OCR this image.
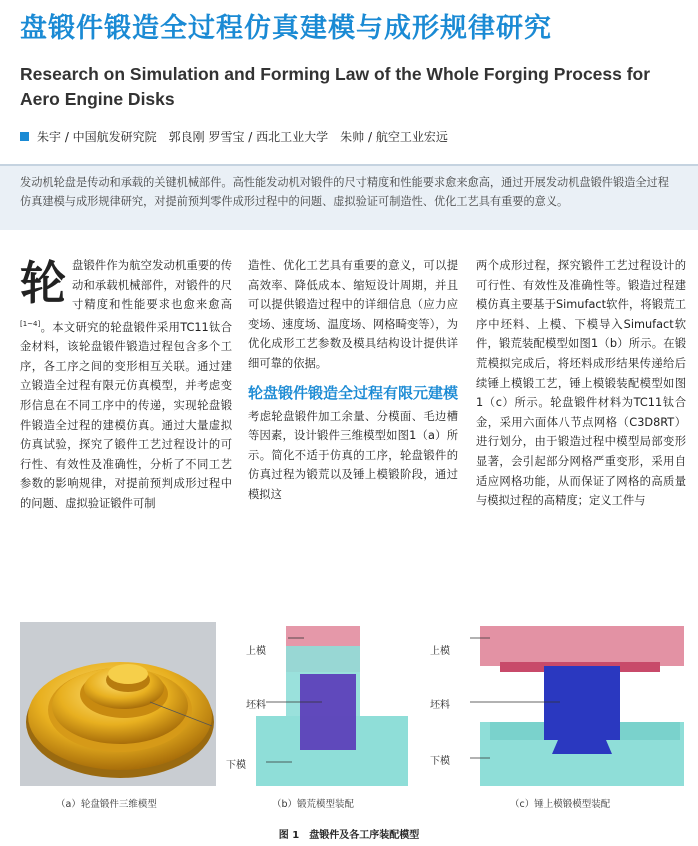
盘锻件锻造全过程仿真建模与成形规律研究
Research on Simulation and Forming Law of the Whole Forging Process for Aero Engine Disks
朱宇 / 中国航发研究院　郭良刚 罗雪宝 / 西北工业大学　朱帅 / 航空工业宏远
发动机轮盘是传动和承载的关键机械部件。高性能发动机对锻件的尺寸精度和性能要求愈来愈高，通过开展发动机盘锻件锻造全过程仿真建模与成形规律研究，对提前预判零件成形过程中的问题、虚拟验证可制造性、优化工艺具有重要的意义。
轮盘锻件作为航空发动机重要的传动和承载机械部件，对锻件的尺寸精度和性能要求也愈来愈高[1~4]。本文研究的轮盘锻件采用TC11钛合金材料，该轮盘锻件锻造过程包含多个工序，各工序之间的变形相互关联。通过建立锻造全过程有限元仿真模型，并考虑变形信息在不同工序中的传递，实现轮盘锻件锻造全过程的建模仿真。通过大量虚拟仿真试验，探究了锻件工艺过程设计的可行性、有效性及准确性，分析了不同工艺参数的影响规律，对提前预判成形过程中的问题、虚拟验证锻件可制
造性、优化工艺具有重要的意义，可以提高效率、降低成本、缩短设计周期，并且可以提供锻造过程中的详细信息（应力应变场、速度场、温度场、网格畸变等），为优化成形工艺参数及模具结构设计提供详细可靠的依据。
轮盘锻件锻造全过程有限元建模
考虑轮盘锻件加工余量、分模面、毛边槽等因素，设计锻件三维模型如图1（a）所示。简化不适于仿真的工序，轮盘锻件的仿真过程为锻荒以及锤上模锻阶段，通过模拟这
两个成形过程，探究锻件工艺过程设计的可行性、有效性及准确性等。锻造过程建模仿真主要基于Simufact软件，将锻荒工序中坯料、上模、下模导入Simufact软件，锻荒装配模型如图1（b）所示。在锻荒模拟完成后，将坯料成形结果传递给后续锤上模锻工艺，锤上模锻装配模型如图1（c）所示。轮盘锻件材料为TC11钛合金，采用六面体八节点网格（C3D8RT）进行划分，由于锻造过程中模型局部变形显著，会引起部分网格严重变形，采用自适应网格功能，从而保证了网格的高质量与模拟过程的高精度；定义工件与
上模
坯料
下模
上模
坯料
下模
（a）轮盘锻件三维模型	（b）锻荒模型装配	（c）锤上模锻模型装配
图 1　盘锻件及各工序装配模型
